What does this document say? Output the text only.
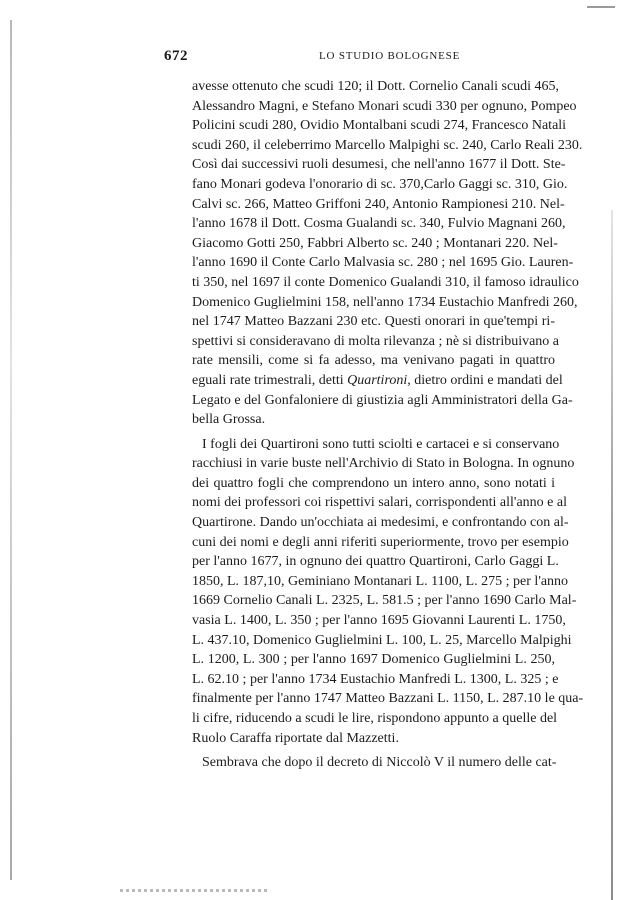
672	LO STUDIO BOLOGNESE
avesse ottenuto che scudi 120; il Dott. Cornelio Canali scudi 465,
Alessandro Magni, e Stefano Monari scudi 330 per ognuno, Pompeo
Policini scudi 280, Ovidio Montalbani scudi 274, Francesco Natali
scudi 260, il celeberrimo Marcello Malpighi sc. 240, Carlo Reali 230.
Così dai successivi ruoli desumesi, che nell'anno 1677 il Dott. Ste-
fano Monari godeva l'onorario di sc. 370,Carlo Gaggi sc. 310, Gio.
Calvi sc. 266, Matteo Griffoni 240, Antonio Rampionesi 210. Nel-
l'anno 1678 il Dott. Cosma Gualandi sc. 340, Fulvio Magnani 260,
Giacomo Gotti 250, Fabbri Alberto sc. 240 ; Montanari 220. Nel-
l'anno 1690 il Conte Carlo Malvasia sc. 280 ; nel 1695 Gio. Lauren-
ti 350, nel 1697 il conte Domenico Gualandi 310, il famoso idraulico
Domenico Guglielmini 158, nell'anno 1734 Eustachio Manfredi 260,
nel 1747 Matteo Bazzani 230 etc. Questi onorari in que'tempi ri-
spettivi si consideravano di molta rilevanza ; nè si distribuivano a
rate mensili, come si fa adesso, ma venivano pagati in quattro
eguali rate trimestrali, detti Quartironi, dietro ordini e mandati del
Legato e del Gonfaloniere di giustizia agli Amministratori della Ga-
bella Grossa.
I fogli dei Quartironi sono tutti sciolti e cartacei e si conservano
racchiusi in varie buste nell'Archivio di Stato in Bologna. In ognuno
dei quattro fogli che comprendono un intero anno, sono notati i
nomi dei professori coi rispettivi salari, corrispondenti all'anno e al
Quartirone. Dando un'occhiata ai medesimi, e confrontando con al-
cuni dei nomi e degli anni riferiti superiormente, trovo per esempio
per l'anno 1677, in ognuno dei quattro Quartironi, Carlo Gaggi L.
1850, L. 187,10, Geminiano Montanari L. 1100, L. 275 ; per l'anno
1669 Cornelio Canali L. 2325, L. 581.5 ; per l'anno 1690 Carlo Mal-
vasia L. 1400, L. 350 ; per l'anno 1695 Giovanni Laurenti L. 1750,
L. 437.10, Domenico Guglielmini L. 100, L. 25, Marcello Malpighi
L. 1200, L. 300 ; per l'anno 1697 Domenico Guglielmini L. 250,
L. 62.10 ; per l'anno 1734 Eustachio Manfredi L. 1300, L. 325 ; e
finalmente per l'anno 1747 Matteo Bazzani L. 1150, L. 287.10 le qua-
li cifre, riducendo a scudi le lire, rispondono appunto a quelle del
Ruolo Caraffa riportate dal Mazzetti.
Sembrava che dopo il decreto di Niccolò V il numero delle cat-
